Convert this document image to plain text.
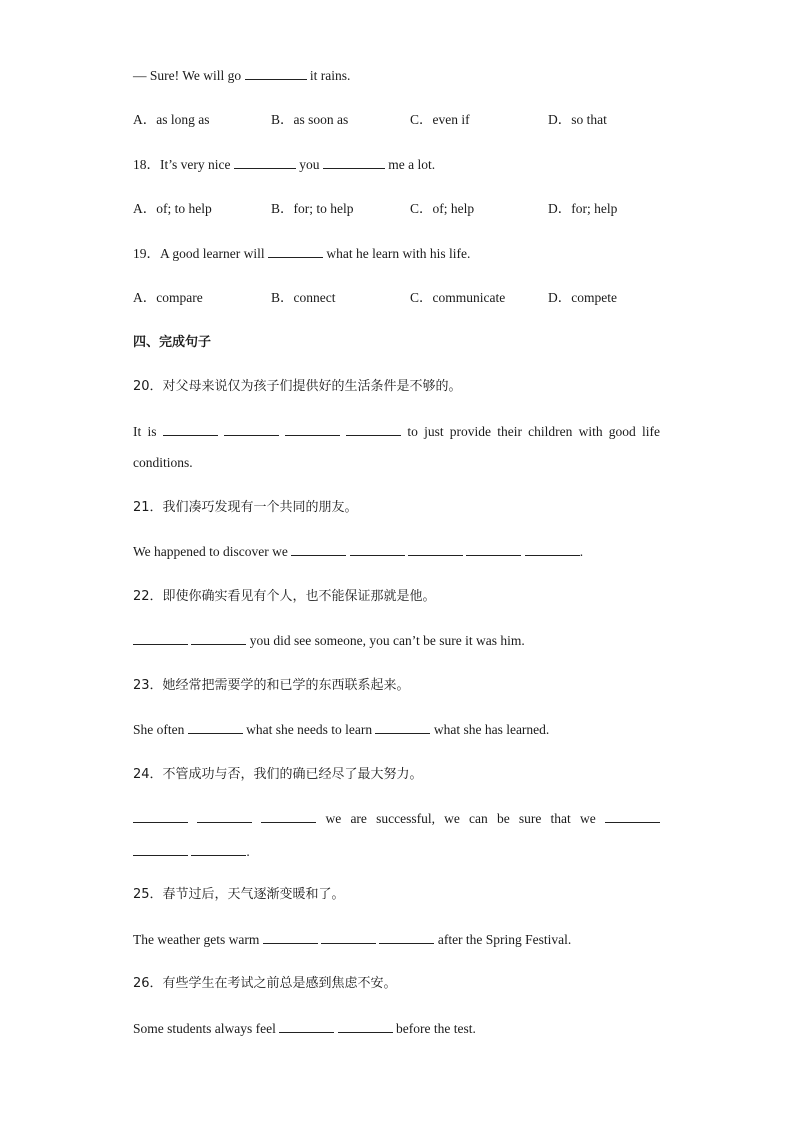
— Sure! We will go	it rains.
A．as long as	B．as soon as	C．even if	D．so that
18．It’s very nice	you	me a lot.
A．of; to help	B．for; to help	C．of; help	D．for; help
19．A good learner will	what he learn with his life.
A．compare	B．connect	C．communicate	D．compete
四、完成句子
20．对父母来说仅为孩子们提供好的生活条件是不够的。
It is	to just provide their children with good life
conditions.
21．我们凑巧发现有一个共同的朋友。
We happened to discover we	.
22．即使你确实看见有个人，也不能保证那就是他。
you did see someone, you can’t be sure it was him.
23．她经常把需要学的和已学的东西联系起来。
She often	what she needs to learn	what she has learned.
24．不管成功与否，我们的确已经尽了最大努力。
we are successful, we can be sure that we
.
25．春节过后，天气逐渐变暖和了。
The weather gets warm	after the Spring Festival.
26．有些学生在考试之前总是感到焦虑不安。
Some students always feel	before the test.
